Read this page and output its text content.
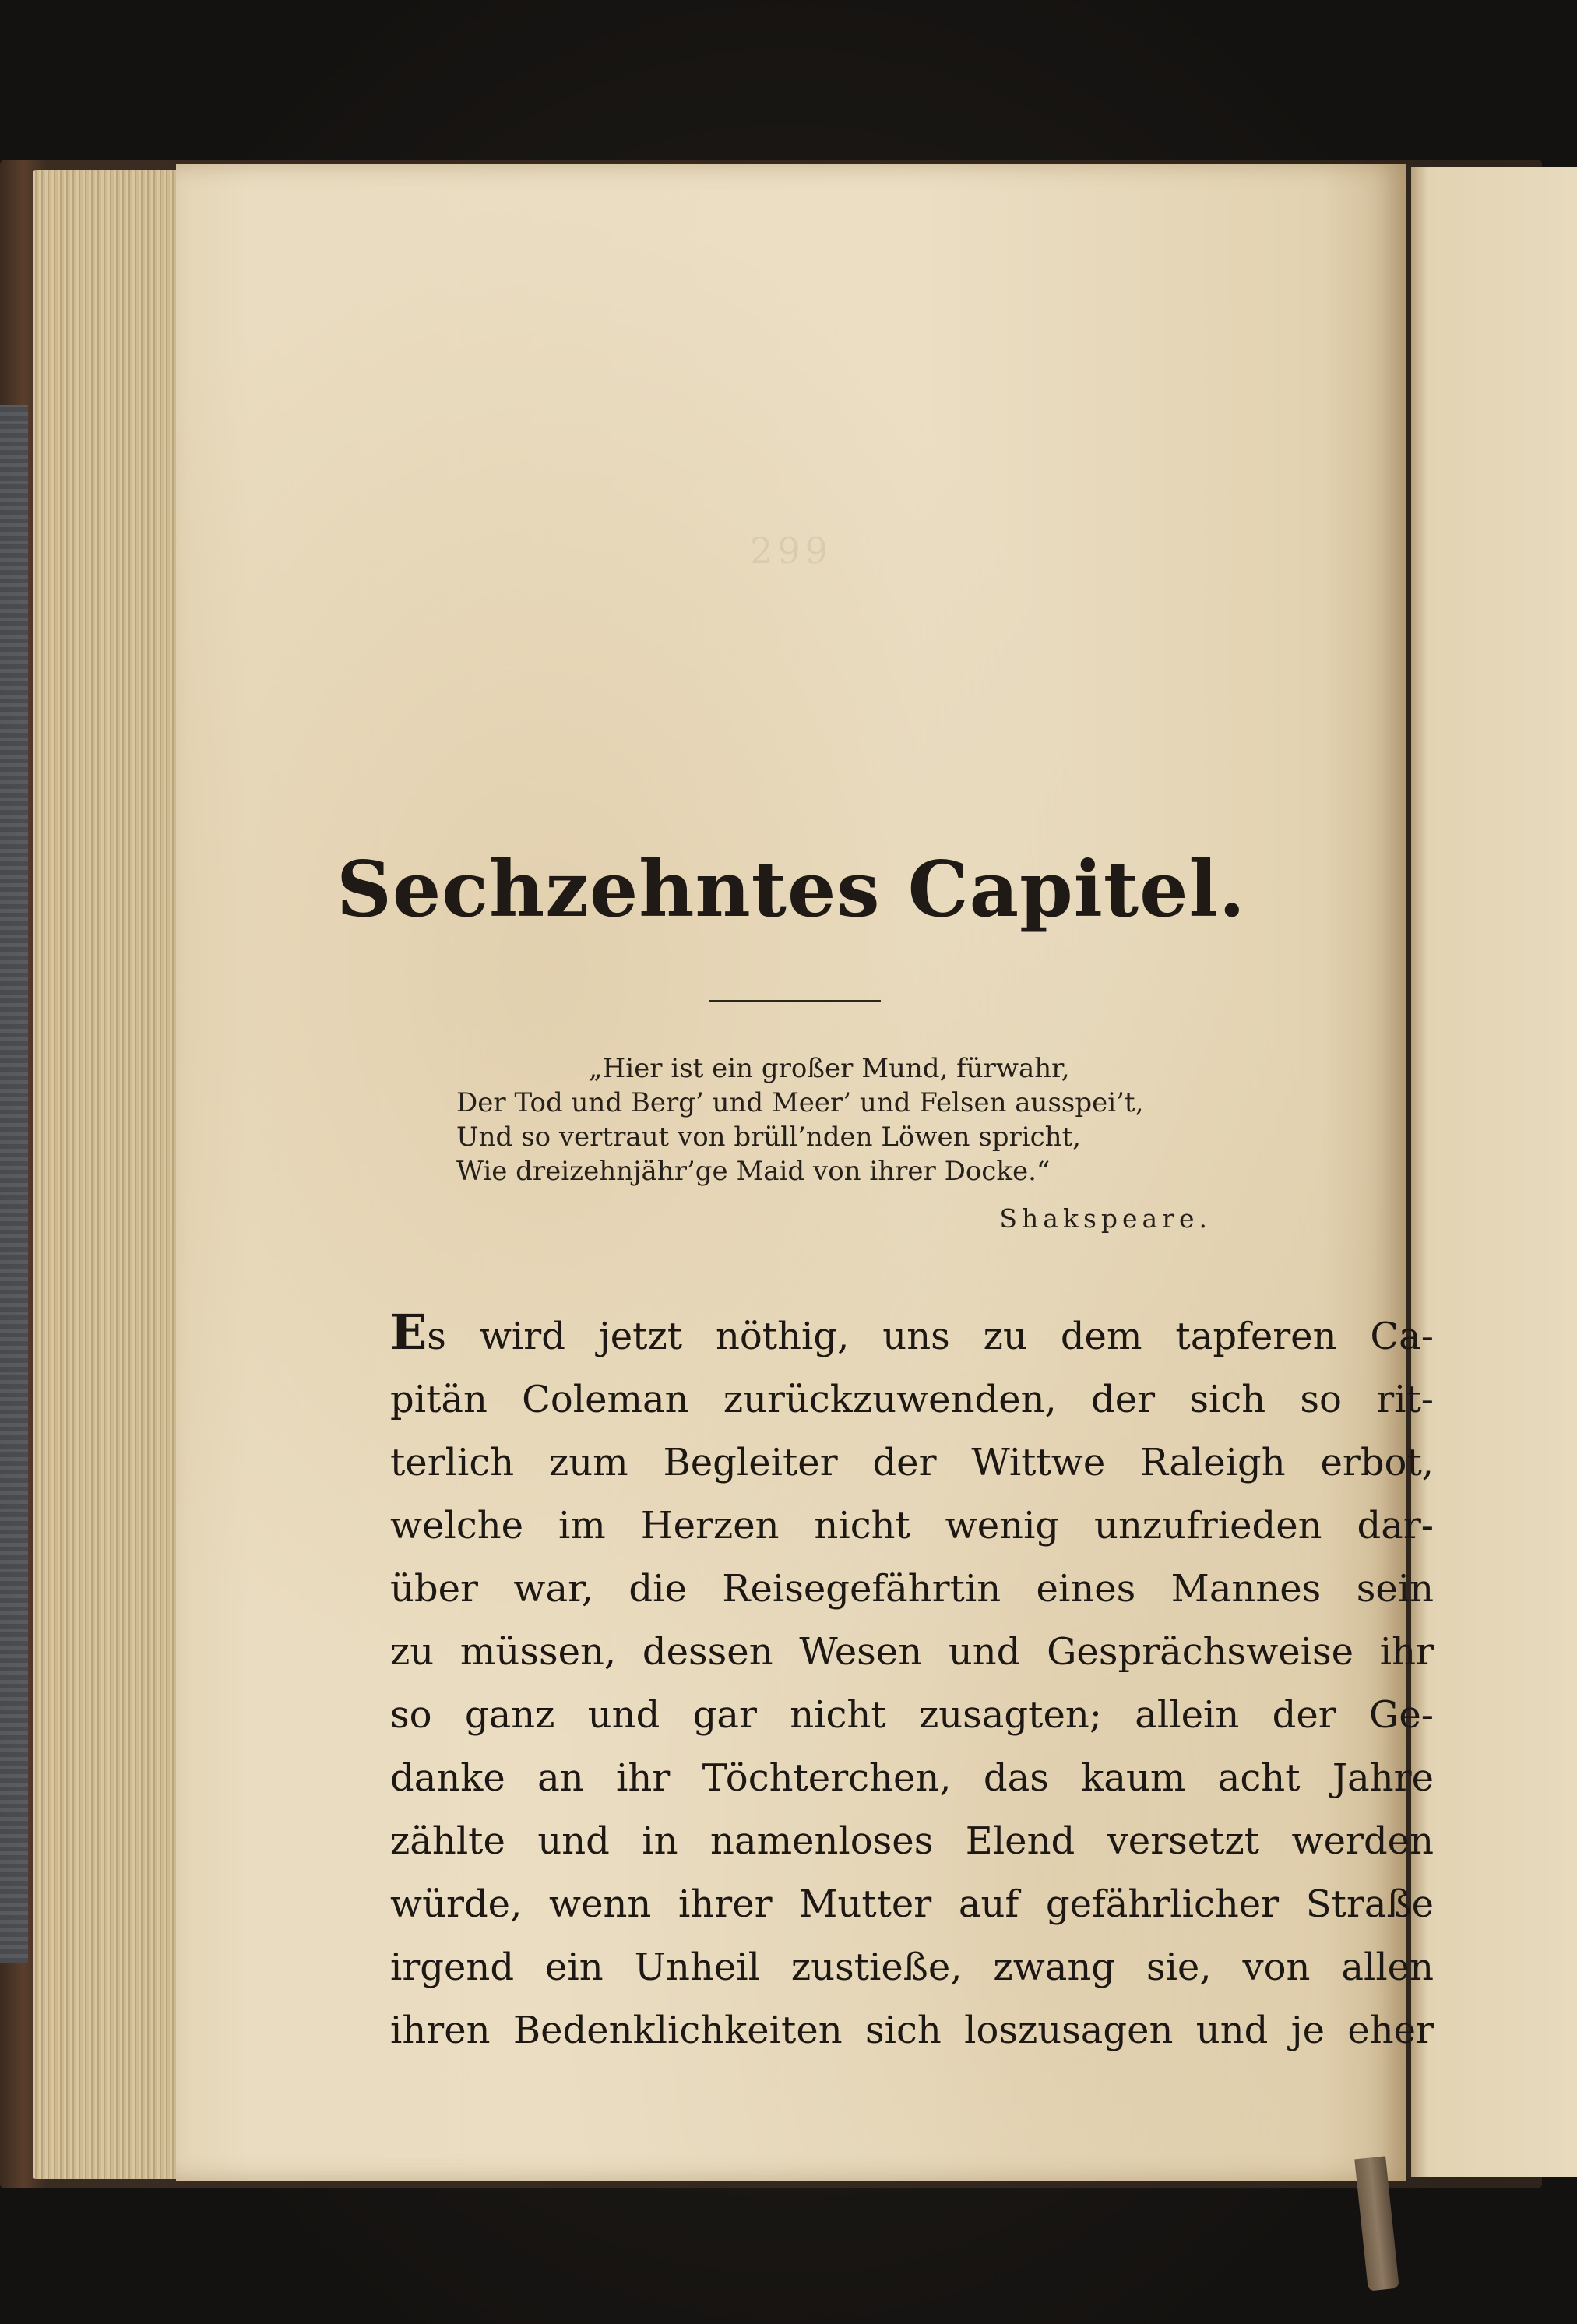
299
Sechzehntes Capitel.
„Hier ist ein großer Mund, fürwahr,
Der Tod und Berg’ und Meer’ und Felsen ausspei’t,
Und so vertraut von brüll’nden Löwen spricht,
Wie dreizehnjähr’ge Maid von ihrer Docke.“
Shakspeare.
Es wird jetzt nöthig, uns zu dem tapferen Ca-
pitän Coleman zurückzuwenden, der sich so rit-
terlich zum Begleiter der Wittwe Raleigh erbot,
welche im Herzen nicht wenig unzufrieden dar-
über war, die Reisegefährtin eines Mannes sein
zu müssen, dessen Wesen und Gesprächsweise ihr
so ganz und gar nicht zusagten; allein der Ge-
danke an ihr Töchterchen, das kaum acht Jahre
zählte und in namenloses Elend versetzt werden
würde, wenn ihrer Mutter auf gefährlicher Straße
irgend ein Unheil zustieße, zwang sie, von allen
ihren Bedenklichkeiten sich loszusagen und je eher
